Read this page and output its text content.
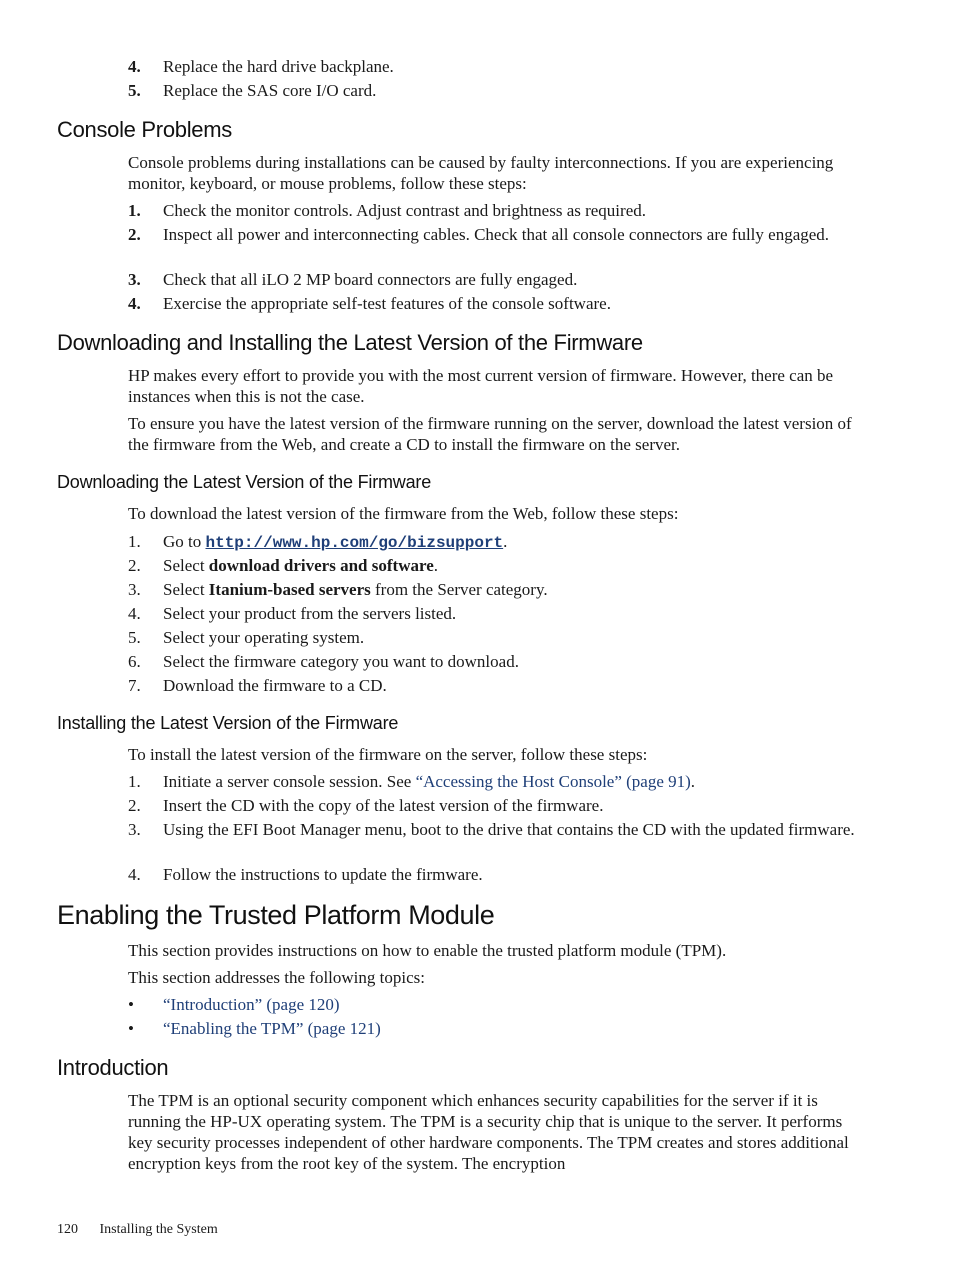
4.	Replace the hard drive backplane.
5.	Replace the SAS core I/O card.
Console Problems
Console problems during installations can be caused by faulty interconnections. If you are experiencing monitor, keyboard, or mouse problems, follow these steps:
1.	Check the monitor controls. Adjust contrast and brightness as required.
2.	Inspect all power and interconnecting cables. Check that all console connectors are fully engaged.
3.	Check that all iLO 2 MP board connectors are fully engaged.
4.	Exercise the appropriate self-test features of the console software.
Downloading and Installing the Latest Version of the Firmware
HP makes every effort to provide you with the most current version of firmware. However, there can be instances when this is not the case.
To ensure you have the latest version of the firmware running on the server, download the latest version of the firmware from the Web, and create a CD to install the firmware on the server.
Downloading the Latest Version of the Firmware
To download the latest version of the firmware from the Web, follow these steps:
1.	Go to http://www.hp.com/go/bizsupport.
2.	Select download drivers and software.
3.	Select Itanium-based servers from the Server category.
4.	Select your product from the servers listed.
5.	Select your operating system.
6.	Select the firmware category you want to download.
7.	Download the firmware to a CD.
Installing the Latest Version of the Firmware
To install the latest version of the firmware on the server, follow these steps:
1.	Initiate a server console session. See “Accessing the Host Console” (page 91).
2.	Insert the CD with the copy of the latest version of the firmware.
3.	Using the EFI Boot Manager menu, boot to the drive that contains the CD with the updated firmware.
4.	Follow the instructions to update the firmware.
Enabling the Trusted Platform Module
This section provides instructions on how to enable the trusted platform module (TPM).
This section addresses the following topics:
•	“Introduction” (page 120)
•	“Enabling the TPM” (page 121)
Introduction
The TPM is an optional security component which enhances security capabilities for the server if it is running the HP-UX operating system. The TPM is a security chip that is unique to the server. It performs key security processes independent of other hardware components. The TPM creates and stores additional encryption keys from the root key of the system. The encryption
120 Installing the System
